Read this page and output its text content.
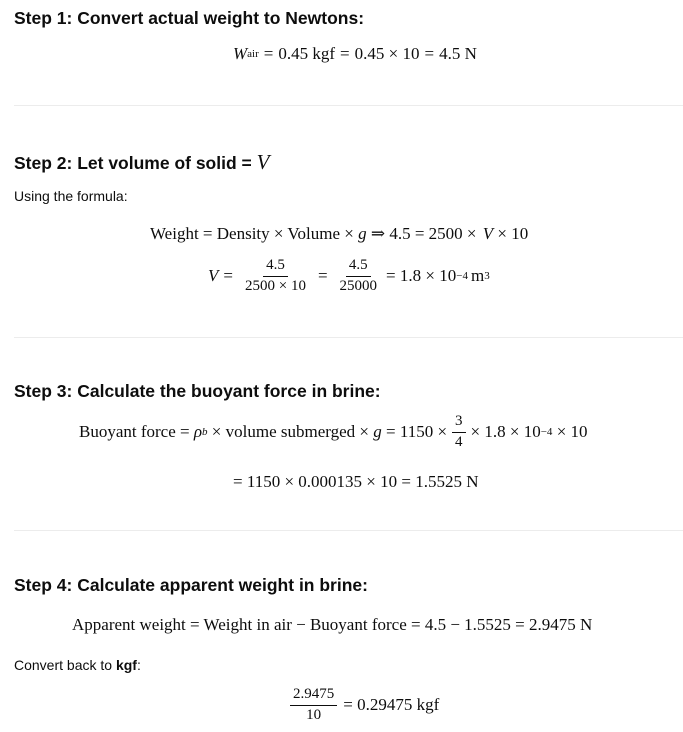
Step 1: Convert actual weight to Newtons:
W air = 0.45 kgf = 0.45 × 10 = 4.5 N
Step 2: Let volume of solid = V
Using the formula:
Weight = Density × Volume × g ⇒ 4.5 = 2500 × V × 10
$V = \frac{4.5}{2500 \times 10} = \frac{4.5}{25000} = 1.8 \times 10 -4$ m 3
Step 3: Calculate the buoyant force in brine:
Buoyant force = ρ b × volume submerged × $g = 1150 \times \frac{3}{4} \times 1.8 \times 10 -4 \times 10$
= 1150 × 0.000135 × 10 = 1.5525 N
Step 4: Calculate apparent weight in brine:
Apparent weight = Weight in air − Buoyant force = 4.5 − 1.5525 = 2.9475 N
Convert back to kgf:
$\frac{2.9475}{10} = 0.29475$ kgf
